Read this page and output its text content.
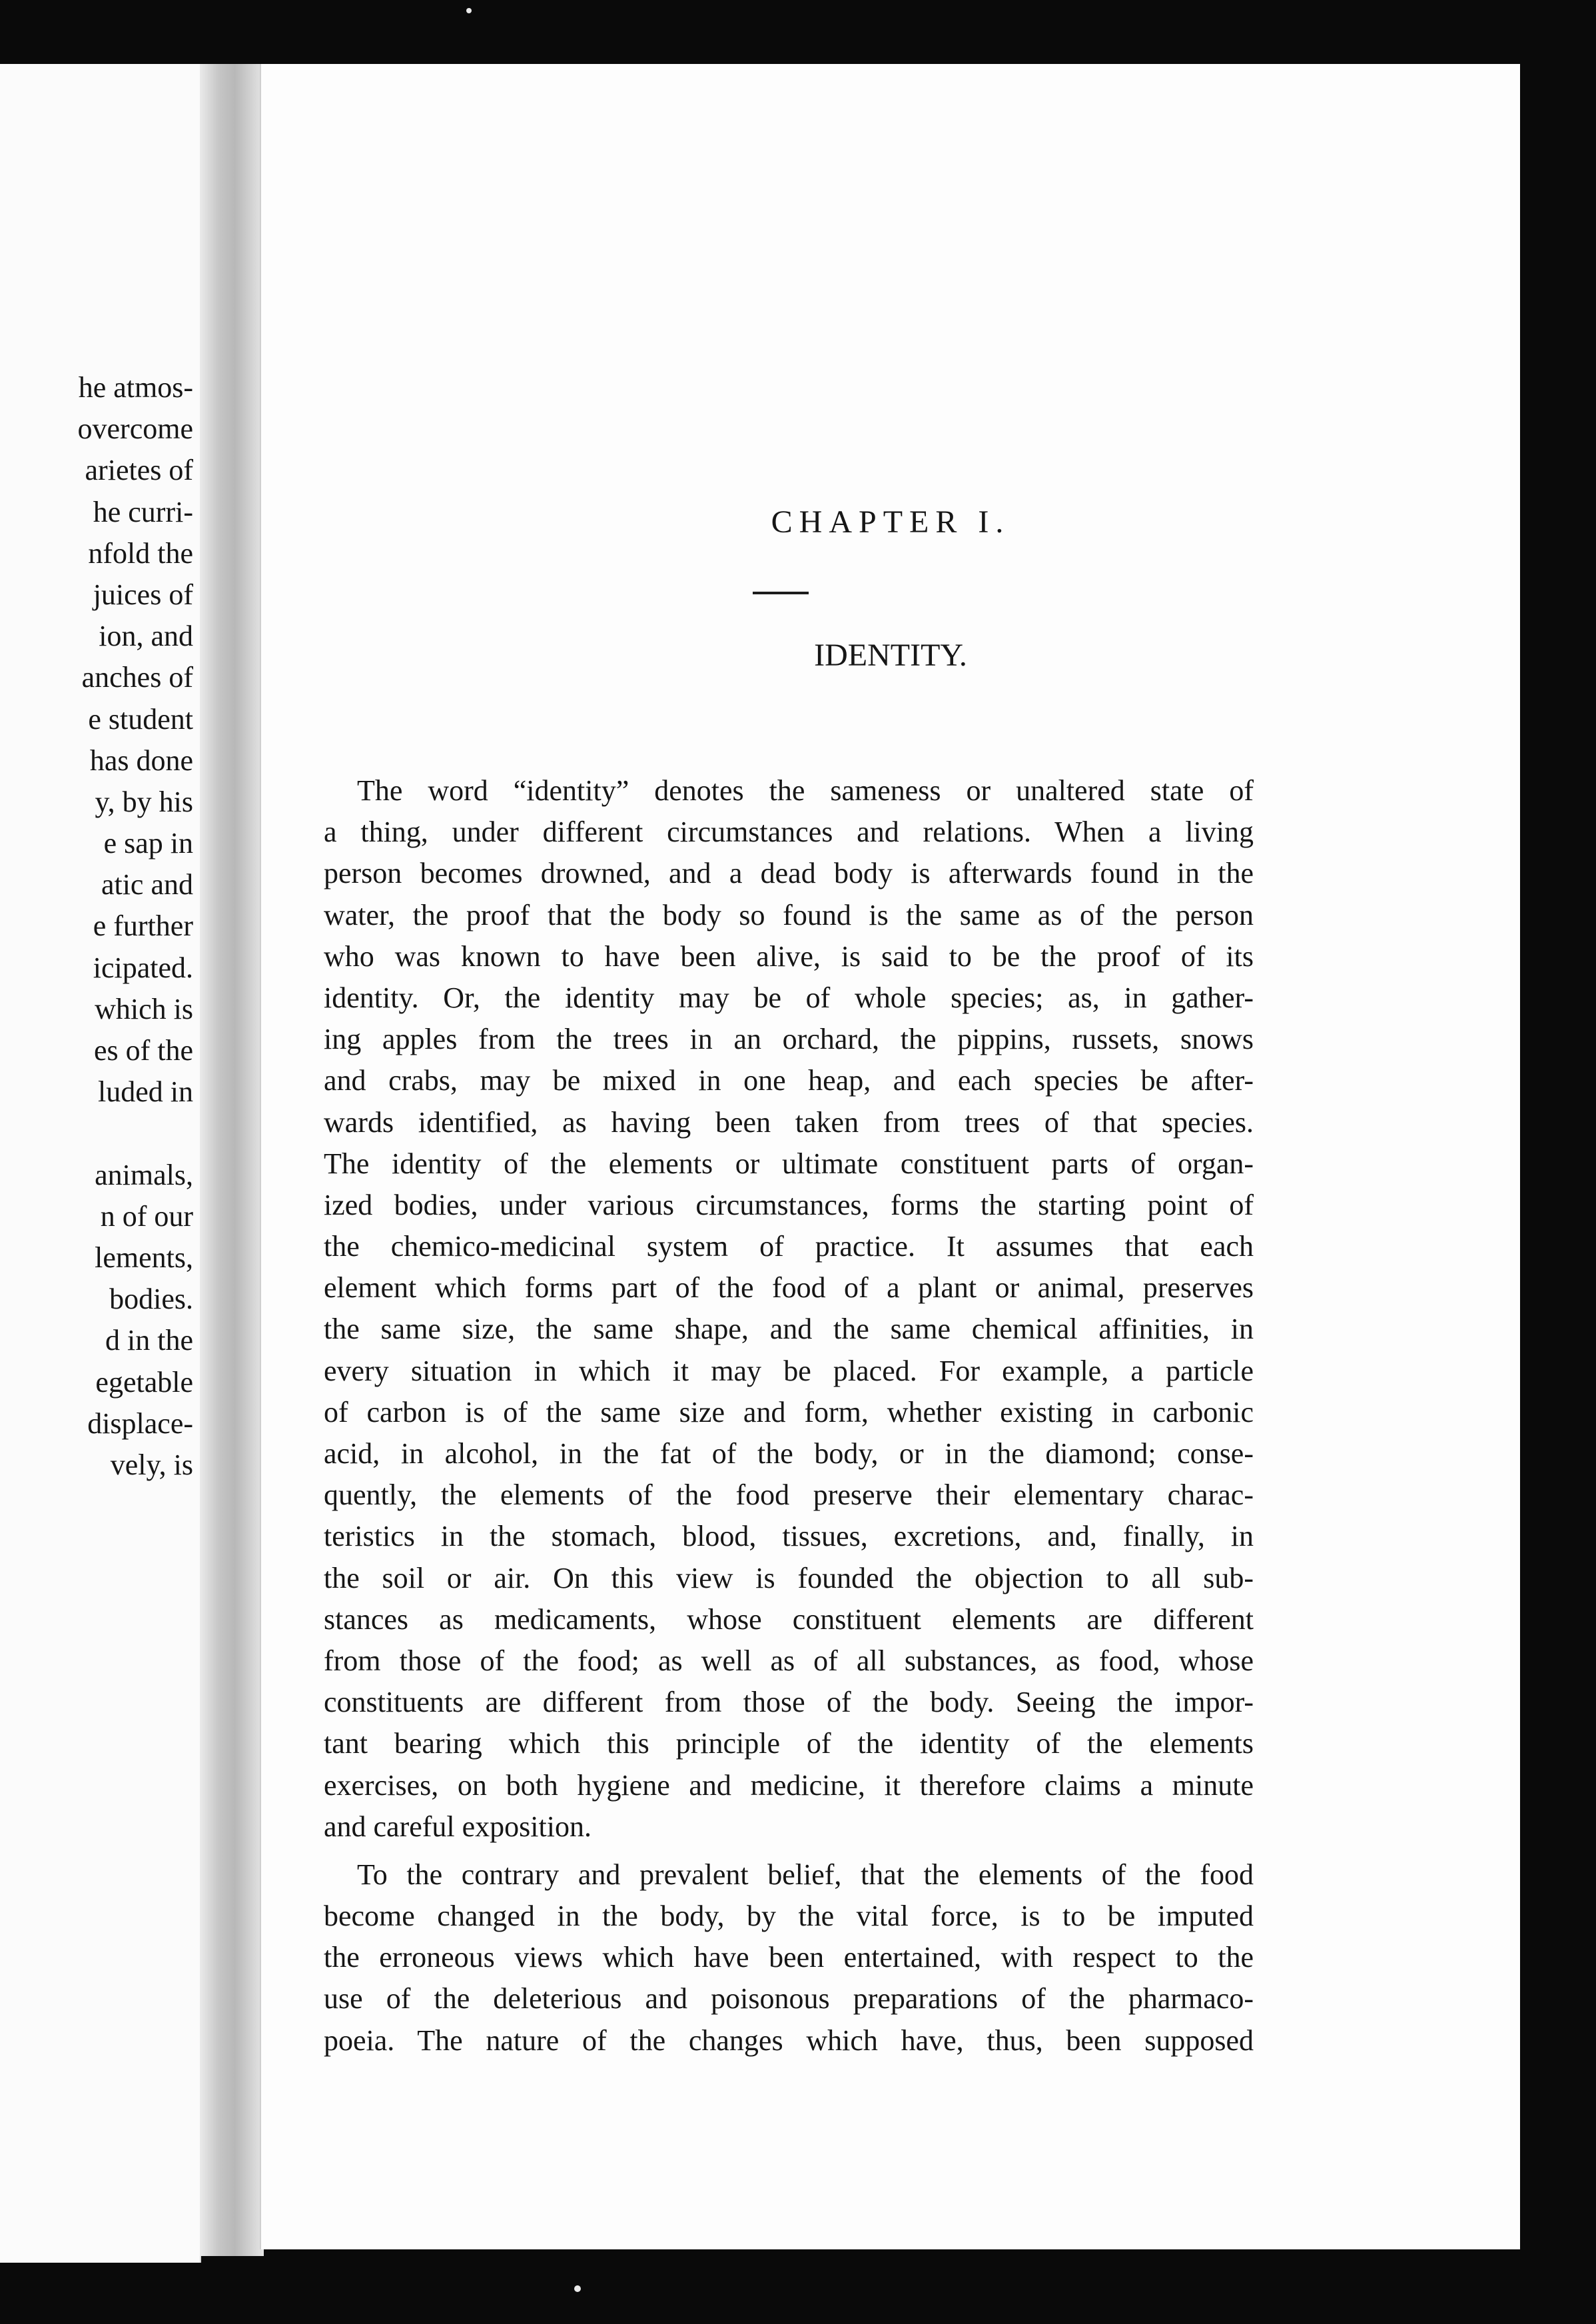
he atmos-
overcome
arietes of
he curri-
nfold the
juices of
ion, and
anches of
e student
has done
y, by his
e sap in
atic and
e further
icipated.
which is
es of the
luded in
animals,
n of our
lements,
bodies.
d in the
egetable
displace-
vely, is
CHAPTER I.
IDENTITY.
The word “identity” denotes the sameness or unaltered state of
a thing, under different circumstances and relations. When a living
person becomes drowned, and a dead body is afterwards found in the
water, the proof that the body so found is the same as of the person
who was known to have been alive, is said to be the proof of its
identity. Or, the identity may be of whole species; as, in gather-
ing apples from the trees in an orchard, the pippins, russets, snows
and crabs, may be mixed in one heap, and each species be after-
wards identified, as having been taken from trees of that species.
The identity of the elements or ultimate constituent parts of organ-
ized bodies, under various circumstances, forms the starting point of
the chemico-medicinal system of practice. It assumes that each
element which forms part of the food of a plant or animal, preserves
the same size, the same shape, and the same chemical affinities, in
every situation in which it may be placed. For example, a particle
of carbon is of the same size and form, whether existing in carbonic
acid, in alcohol, in the fat of the body, or in the diamond; conse-
quently, the elements of the food preserve their elementary charac-
teristics in the stomach, blood, tissues, excretions, and, finally, in
the soil or air. On this view is founded the objection to all sub-
stances as medicaments, whose constituent elements are different
from those of the food; as well as of all substances, as food, whose
constituents are different from those of the body. Seeing the impor-
tant bearing which this principle of the identity of the elements
exercises, on both hygiene and medicine, it therefore claims a minute
and careful exposition.
To the contrary and prevalent belief, that the elements of the food
become changed in the body, by the vital force, is to be imputed
the erroneous views which have been entertained, with respect to the
use of the deleterious and poisonous preparations of the pharmaco-
poeia. The nature of the changes which have, thus, been supposed
